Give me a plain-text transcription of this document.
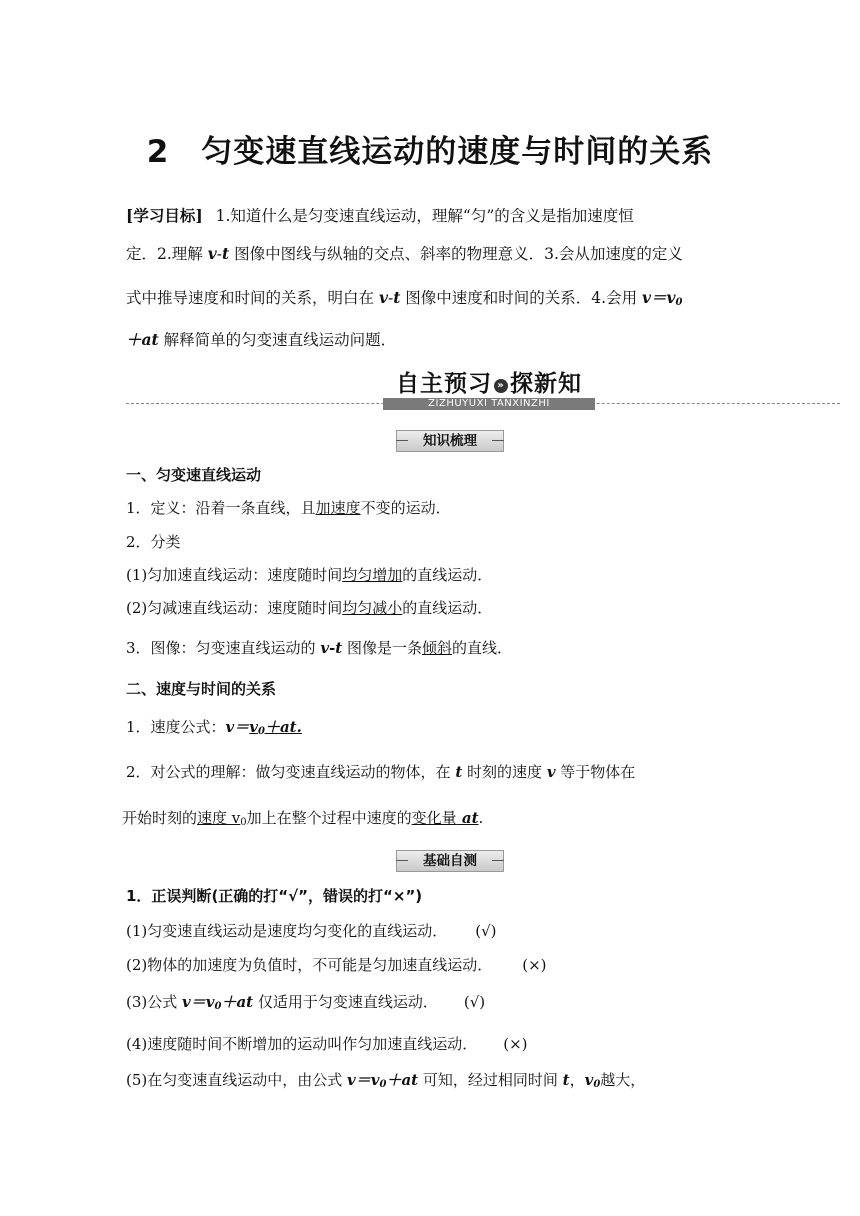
2　匀变速直线运动的速度与时间的关系
[学习目标] 1.知道什么是匀变速直线运动，理解“匀”的含义是指加速度恒
定．2.理解 v-t 图像中图线与纵轴的交点、斜率的物理意义．3.会从加速度的定义
式中推导速度和时间的关系，明白在 v-t 图像中速度和时间的关系．4.会用 $v=v_0$
＋at 解释简单的匀变速直线运动问题．
自主预习 » 探新知
ZIZHUYUXI TANXINZHI
知识梳理
一、匀变速直线运动
1．定义：沿着一条直线，且加速度不变的运动．
2．分类
(1)匀加速直线运动：速度随时间均匀增加的直线运动．
(2)匀减速直线运动：速度随时间均匀减小的直线运动．
3．图像：匀变速直线运动的 v-t 图像是一条倾斜的直线．
二、速度与时间的关系
1．速度公式：$v=v_0+at$.
2．对公式的理解：做匀变速直线运动的物体，在 t 时刻的速度 v 等于物体在
开始时刻的速度 $v_0$加上在整个过程中速度的变化量 at.
基础自测
1．正误判断(正确的打“√”，错误的打“×”)
(1)匀变速直线运动是速度均匀变化的直线运动． (√)
(2)物体的加速度为负值时，不可能是匀加速直线运动． (×)
(3)公式 $v=v_0+at$ 仅适用于匀变速直线运动． (√)
(4)速度随时间不断增加的运动叫作匀加速直线运动． (×)
(5)在匀变速直线运动中，由公式 $v=v_0+at$ 可知，经过相同时间 t，$v_0$越大，
